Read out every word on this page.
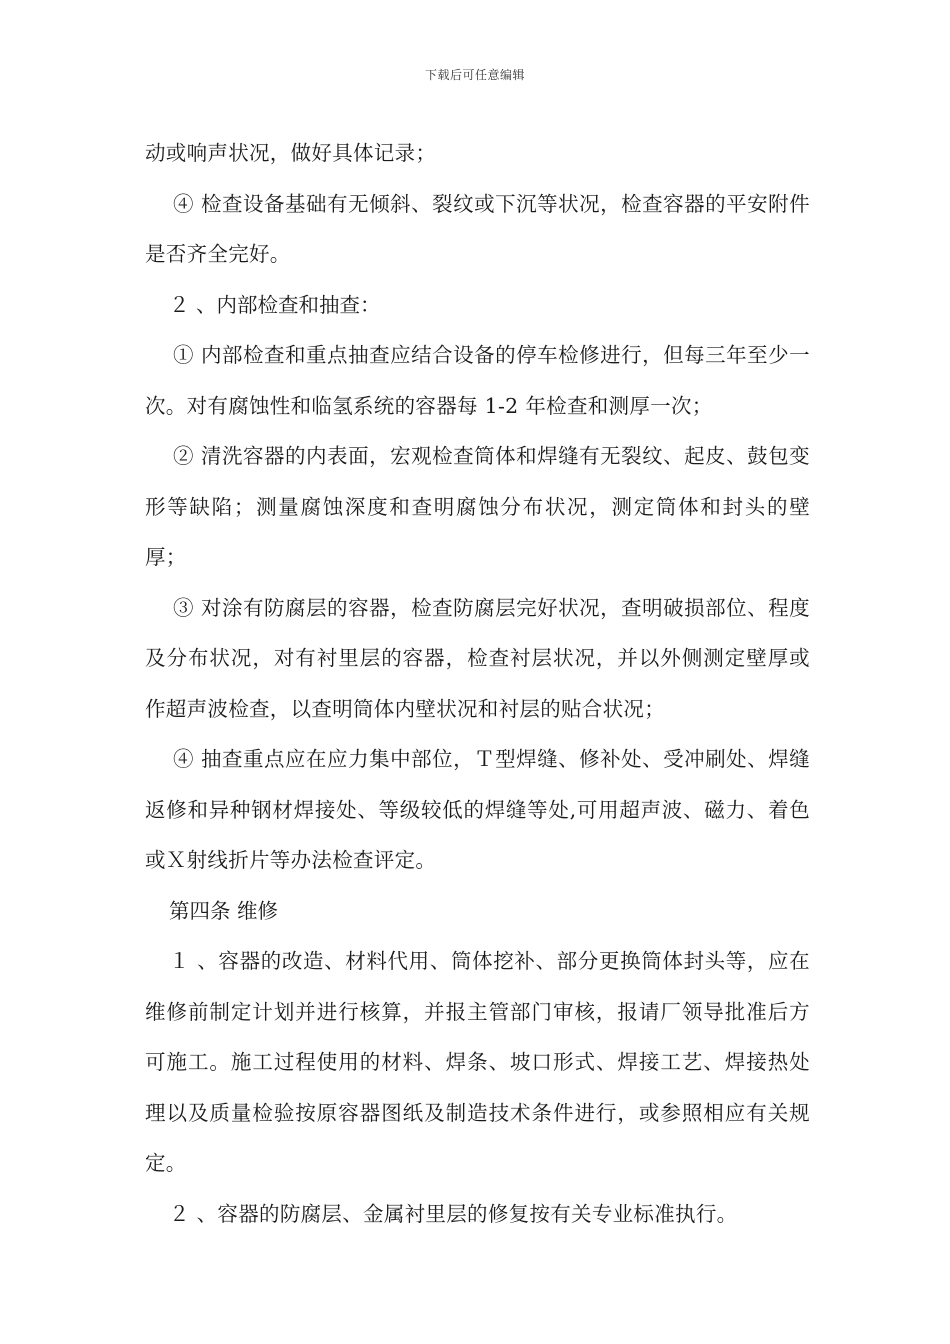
下载后可任意编辑

动或响声状况，做好具体记录；

④ 检查设备基础有无倾斜、裂纹或下沉等状况，检查容器的平安附件是否齐全完好。

２ 、内部检查和抽查：

① 内部检查和重点抽查应结合设备的停车检修进行，但每三年至少一次。对有腐蚀性和临氢系统的容器每 1-2 年检查和测厚一次；

② 清洗容器的内表面，宏观检查筒体和焊缝有无裂纹、起皮、鼓包变形等缺陷；测量腐蚀深度和查明腐蚀分布状况，测定筒体和封头的壁厚；

③ 对涂有防腐层的容器，检查防腐层完好状况，查明破损部位、程度及分布状况，对有衬里层的容器，检查衬层状况，并以外侧测定壁厚或作超声波检查，以查明筒体内壁状况和衬层的贴合状况；

④ 抽查重点应在应力集中部位，Ｔ型焊缝、修补处、受冲刷处、焊缝返修和异种钢材焊接处、等级较低的焊缝等处,可用超声波、磁力、着色或Ｘ射线折片等办法检查评定。

第四条 维修

１ 、容器的改造、材料代用、筒体挖补、部分更换筒体封头等，应在维修前制定计划并进行核算，并报主管部门审核，报请厂领导批准后方可施工。施工过程使用的材料、焊条、坡口形式、焊接工艺、焊接热处理以及质量检验按原容器图纸及制造技术条件进行，或参照相应有关规定。

２ 、容器的防腐层、金属衬里层的修复按有关专业标准执行。
